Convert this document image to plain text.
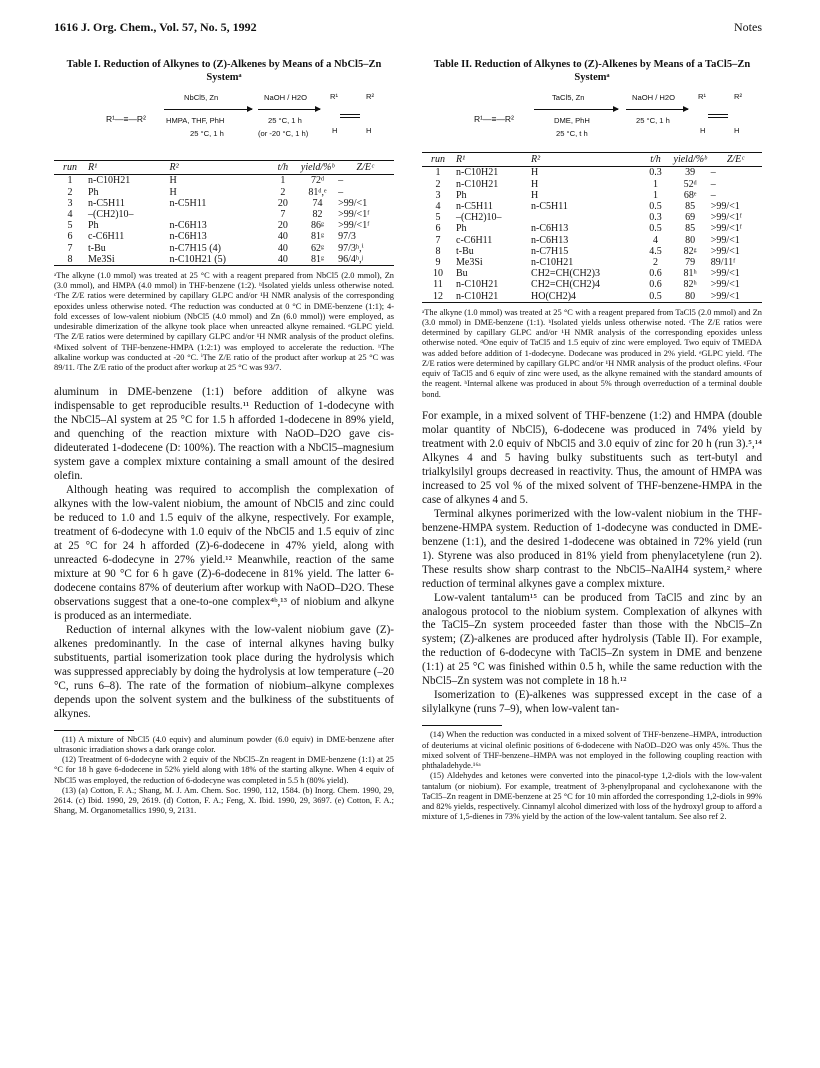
1616 J. Org. Chem., Vol. 57, No. 5, 1992	Notes
Table I. Reduction of Alkynes to (Z)-Alkenes by Means of a NbCl5–Zn Systemᵃ
R¹—≡—R²
NbCl5, Zn
HMPA, THF, PhH
25 °C, 1 h
NaOH / H2O
25 °C, 1 h
(or -20 °C, 1 h)
R¹	R²
H	H
run	R¹	R²	t/h	yield/%ᵇ	Z/Eᶜ
1	n-C10H21	H	1	72ᵈ	–
2	Ph	H	2	81ᵈ,ᵉ	–
3	n-C5H11	n-C5H11	20	74	>99/<1
4	–(CH2)10–		7	82	>99/<1ᶠ
5	Ph	n-C6H13	20	86ᵍ	>99/<1ᶠ
6	c-C6H11	n-C6H13	40	81ᵍ	97/3
7	t-Bu	n-C7H15 (4)	40	62ᵍ	97/3ʰ,ⁱ
8	Me3Si	n-C10H21 (5)	40	81ᵍ	96/4ʰ,ʲ
ᵃThe alkyne (1.0 mmol) was treated at 25 °C with a reagent prepared from NbCl5 (2.0 mmol), Zn (3.0 mmol), and HMPA (4.0 mmol) in THF-benzene (1:2). ᵇIsolated yields unless otherwise noted. ᶜThe Z/E ratios were determined by capillary GLPC and/or ¹H NMR analysis of the corresponding epoxides unless otherwise noted. ᵈThe reduction was conducted at 0 °C in DME-benzene (1:1); 4-fold excesses of low-valent niobium (NbCl5 (4.0 mmol) and Zn (6.0 mmol)) were employed, as undesirable dimerization of the alkyne took place when unreacted alkyne remained. ᵉGLPC yield. ᶠThe Z/E ratios were determined by capillary GLPC and/or ¹H NMR analysis of the product olefins. ᵍMixed solvent of THF-benzene-HMPA (1:2:1) was employed to accelerate the reduction. ʰThe alkaline workup was conducted at -20 °C. ⁱThe Z/E ratio of the product after workup at 25 °C was 89/11. ʲThe Z/E ratio of the product after workup at 25 °C was 93/7.

aluminum in DME-benzene (1:1) before addition of alkyne was indispensable to get reproducible results.¹¹ Reduction of 1-dodecyne with the NbCl5–Al system at 25 °C for 1.5 h afforded 1-dodecene in 89% yield, and quenching of the reaction mixture with NaOD–D2O gave cis-dideuterated 1-dodecene (D: 100%). The reaction with a NbCl5–magnesium system gave a complex mixture containing a small amount of the desired olefin.

Although heating was required to accomplish the complexation of alkynes with the low-valent niobium, the amount of NbCl5 and zinc could be reduced to 1.0 and 1.5 equiv of the alkyne, respectively. For example, treatment of 6-dodecyne with 1.0 equiv of the NbCl5 and 1.5 equiv of zinc at 25 °C for 24 h afforded (Z)-6-dodecene in 47% yield, along with unreacted 6-dodecyne in 27% yield.¹² Meanwhile, reaction of the same mixture at 90 °C for 6 h gave (Z)-6-dodecene in 81% yield. The latter 6-dodecene contains 87% of deuterium after workup with NaOD–D2O. These observations suggest that a one-to-one complex⁴ᵇ,¹³ of niobium and alkyne is produced as an intermediate.

Reduction of internal alkynes with the low-valent niobium gave (Z)-alkenes predominantly. In the case of internal alkynes having bulky substituents, partial isomerization took place during the hydrolysis which was suppressed appreciably by doing the hydrolysis at low temperature (–20 °C, runs 6–8). The rate of the formation of niobium–alkyne complexes depends upon the solvent system and the bulkiness of the substituents of alkynes.

(11) A mixture of NbCl5 (4.0 equiv) and aluminum powder (6.0 equiv) in DME-benzene after ultrasonic irradiation shows a dark orange color.

(12) Treatment of 6-dodecyne with 2 equiv of the NbCl5–Zn reagent in DME-benzene (1:1) at 25 °C for 18 h gave 6-dodecene in 52% yield along with 18% of the starting alkyne. When 4 equiv of NbCl5 was employed, the reduction of 6-dodecyne was completed in 5.5 h (80% yield).

(13) (a) Cotton, F. A.; Shang, M. J. Am. Chem. Soc. 1990, 112, 1584. (b) Inorg. Chem. 1990, 29, 2614. (c) Ibid. 1990, 29, 2619. (d) Cotton, F. A.; Feng, X. Ibid. 1990, 29, 3697. (e) Cotton, F. A.; Shang, M. Organometallics 1990, 9, 2131.

Table II. Reduction of Alkynes to (Z)-Alkenes by Means of a TaCl5–Zn Systemᵃ
R¹—≡—R²
TaCl5, Zn
DME, PhH
25 °C, t h
NaOH / H2O
25 °C, 1 h
R¹	R²
H	H
run	R¹	R²	t/h	yield/%ᵇ	Z/Eᶜ
1	n-C10H21	H	0.3	39	–
2	n-C10H21	H	1	52ᵈ	–
3	Ph	H	1	68ᵉ	–
4	n-C5H11	n-C5H11	0.5	85	>99/<1
5	–(CH2)10–		0.3	69	>99/<1ᶠ
6	Ph	n-C6H13	0.5	85	>99/<1ᶠ
7	c-C6H11	n-C6H13	4	80	>99/<1
8	t-Bu	n-C7H15	4.5	82ᵍ	>99/<1
9	Me3Si	n-C10H21	2	79	89/11ᶠ
10	Bu	CH2=CH(CH2)3	0.6	81ʰ	>99/<1
11	n-C10H21	CH2=CH(CH2)4	0.6	82ʰ	>99/<1
12	n-C10H21	HO(CH2)4	0.5	80	>99/<1
ᵃThe alkyne (1.0 mmol) was treated at 25 °C with a reagent prepared from TaCl5 (2.0 mmol) and Zn (3.0 mmol) in DME-benzene (1:1). ᵇIsolated yields unless otherwise noted. ᶜThe Z/E ratios were determined by capillary GLPC and/or ¹H NMR analysis of the corresponding epoxides unless otherwise noted. ᵈOne equiv of TaCl5 and 1.5 equiv of zinc were employed. Two equiv of TMEDA was added before addition of 1-dodecyne. Dodecane was produced in 2% yield. ᵉGLPC yield. ᶠThe Z/E ratios were determined by capillary GLPC and/or ¹H NMR analysis of the product olefins. ᵍFour equiv of TaCl5 and 6 equiv of zinc were used, as the alkyne remained with the standard amounts of the reagent. ʰInternal alkene was produced in about 5% through overreduction of a terminal double bond.

For example, in a mixed solvent of THF-benzene (1:2) and HMPA (double molar quantity of NbCl5), 6-dodecene was produced in 74% yield by treatment with 2.0 equiv of NbCl5 and 3.0 equiv of zinc for 20 h (run 3).⁵,¹⁴ Alkynes 4 and 5 having bulky substituents such as tert-butyl and trialkylsilyl groups decreased in reactivity. Thus, the amount of HMPA was increased to 25 vol % of the mixed solvent of THF-benzene-HMPA in the case of alkynes 4 and 5.

Terminal alkynes porimerized with the low-valent niobium in the THF-benzene-HMPA system. Reduction of 1-dodecyne was conducted in DME-benzene (1:1), and the desired 1-dodecene was obtained in 72% yield (run 1). Styrene was also produced in 81% yield from phenylacetylene (run 2). These results show sharp contrast to the NbCl5–NaAlH4 system,² where reduction of terminal alkynes gave a complex mixture.

Low-valent tantalum¹⁵ can be produced from TaCl5 and zinc by an analogous protocol to the niobium system. Complexation of alkynes with the TaCl5–Zn system proceeded faster than those with the NbCl5–Zn system; (Z)-alkenes are produced after hydrolysis (Table II). For example, the reduction of 6-dodecyne with TaCl5–Zn system in DME and benzene (1:1) at 25 °C was finished within 0.5 h, while the same reduction with the NbCl5–Zn system was not complete in 18 h.¹²

Isomerization to (E)-alkenes was suppressed except in the case of a silylalkyne (runs 7–9), when low-valent tan-

(14) When the reduction was conducted in a mixed solvent of THF-benzene–HMPA, introduction of deuteriums at vicinal olefinic positions of 6-dodecene with NaOD–D2O was only 45%. Thus the mixed solvent of THF-benzene–HMPA was not employed in the following coupling reaction with phthaladehyde.¹⁶ᵃ

(15) Aldehydes and ketones were converted into the pinacol-type 1,2-diols with the low-valent tantalum (or niobium). For example, treatment of 3-phenylpropanal and cyclohexanone with the TaCl5–Zn reagent in DME-benzene at 25 °C for 10 min afforded the corresponding 1,2-diols in 99% and 82% yields, respectively. Cinnamyl alcohol dimerized with loss of the hydroxyl group to afford a mixture of 1,5-dienes in 73% yield by the action of the low-valent tantalum. See also ref 2.
